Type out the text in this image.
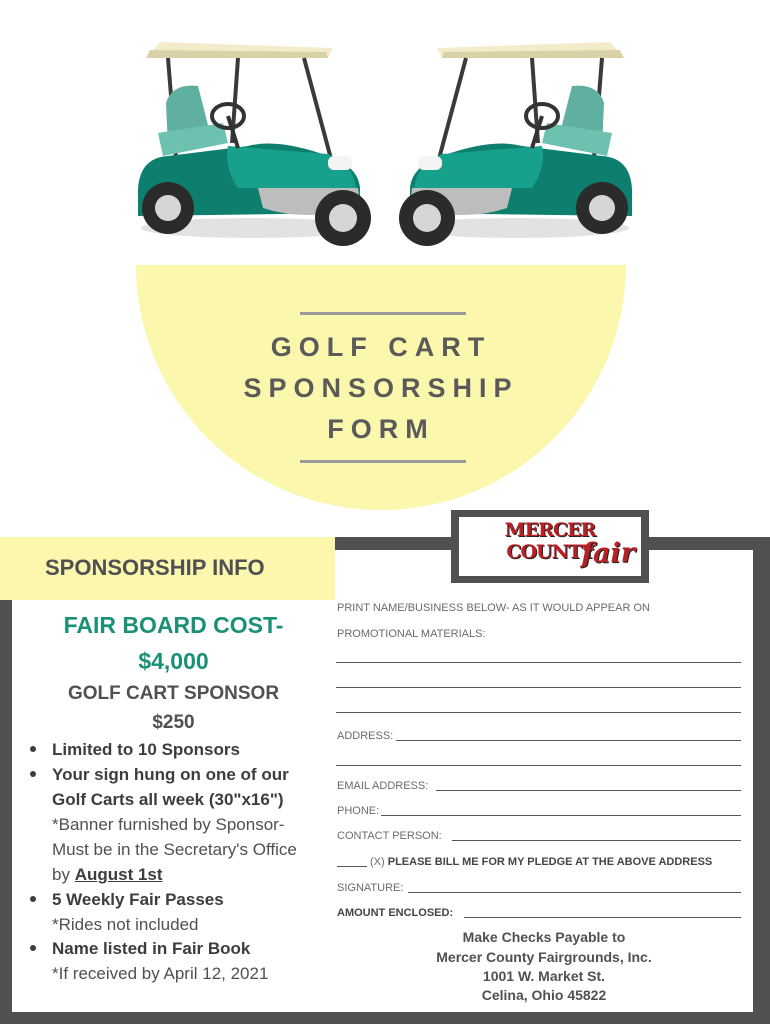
GOLF CART
SPONSORSHIP
FORM
SPONSORSHIP INFO
MERCER COUNTY
fair
FAIR BOARD COST-
$4,000
GOLF CART SPONSOR
$250
Limited to 10 Sponsors
Your sign hung on one of our
Golf Carts all week (30"x16")
*Banner furnished by Sponsor-
Must be in the Secretary's Office
by August 1st
5 Weekly Fair Passes
*Rides not included
Name listed in Fair Book
*If received by April 12, 2021
PRINT NAME/BUSINESS BELOW- AS IT WOULD APPEAR ON
PROMOTIONAL MATERIALS:
ADDRESS:
EMAIL ADDRESS:
PHONE:
CONTACT PERSON:
(X) PLEASE BILL ME FOR MY PLEDGE AT THE ABOVE ADDRESS
SIGNATURE:
AMOUNT ENCLOSED:
Make Checks Payable to
Mercer County Fairgrounds, Inc.
1001 W. Market St.
Celina, Ohio 45822
